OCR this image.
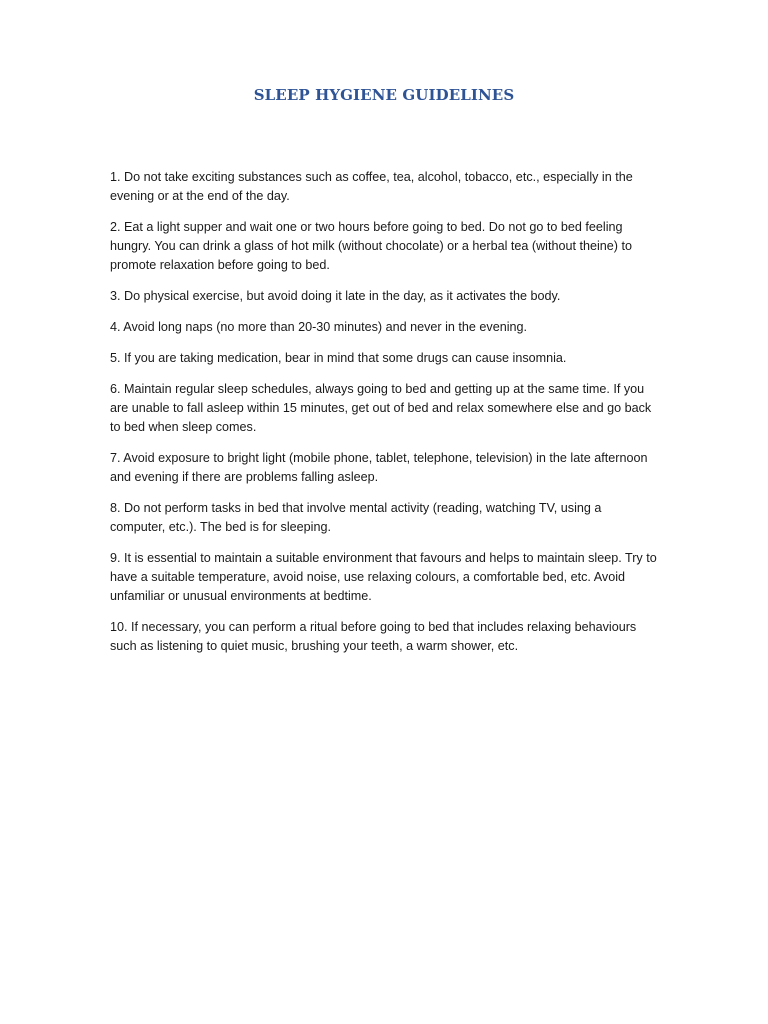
SLEEP HYGIENE GUIDELINES

1. Do not take exciting substances such as coffee, tea, alcohol, tobacco, etc., especially in the evening or at the end of the day.

2. Eat a light supper and wait one or two hours before going to bed. Do not go to bed feeling hungry. You can drink a glass of hot milk (without chocolate) or a herbal tea (without theine) to promote relaxation before going to bed.

3. Do physical exercise, but avoid doing it late in the day, as it activates the body.

4. Avoid long naps (no more than 20-30 minutes) and never in the evening.

5. If you are taking medication, bear in mind that some drugs can cause insomnia.

6. Maintain regular sleep schedules, always going to bed and getting up at the same time. If you are unable to fall asleep within 15 minutes, get out of bed and relax somewhere else and go back to bed when sleep comes.

7. Avoid exposure to bright light (mobile phone, tablet, telephone, television) in the late afternoon and evening if there are problems falling asleep.

8. Do not perform tasks in bed that involve mental activity (reading, watching TV, using a computer, etc.). The bed is for sleeping.

9. It is essential to maintain a suitable environment that favours and helps to maintain sleep. Try to have a suitable temperature, avoid noise, use relaxing colours, a comfortable bed, etc. Avoid unfamiliar or unusual environments at bedtime.

10. If necessary, you can perform a ritual before going to bed that includes relaxing behaviours such as listening to quiet music, brushing your teeth, a warm shower, etc.
